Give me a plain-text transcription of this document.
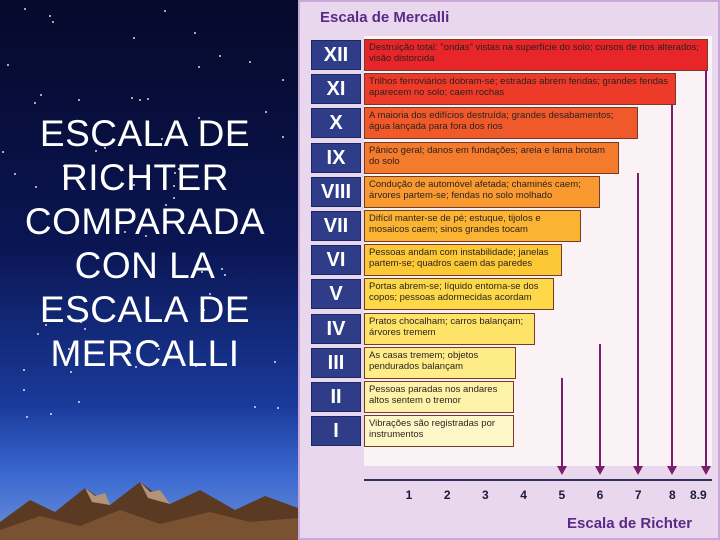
ESCALA DE
RICHTER
COMPARADA
CON LA
ESCALA DE
MERCALLI
Escala de Mercalli
XII	Destruição total: "ondas" vistas na superfície do solo; cursos de rios alterados; visão distorcida
XI	Trilhos ferroviários dobram-se; estradas abrem fendas; grandes fendas aparecem no solo; caem rochas
X	A maioria dos edifícios destruída; grandes desabamentos; água lançada para fora dos rios
IX	Pânico geral; danos em fundações; areia e lama brotam do solo
VIII	Condução de automóvel afetada; chaminés caem; árvores partem-se; fendas no solo molhado
VII	Difícil manter-se de pé; estuque, tijolos e mosaicos caem; sinos grandes tocam
VI	Pessoas andam com instabilidade; janelas partem-se; quadros caem das paredes
V	Portas abrem-se; líquido entorna-se dos copos; pessoas adormecidas acordam
IV	Pratos chocalham; carros balançam; árvores tremem
III	As casas tremem; objetos pendurados balançam
II	Pessoas paradas nos andares altos sentem o tremor
I	Vibrações são registradas por instrumentos
1	2	3	4	5	6	7	8	8.9
Escala de Richter
